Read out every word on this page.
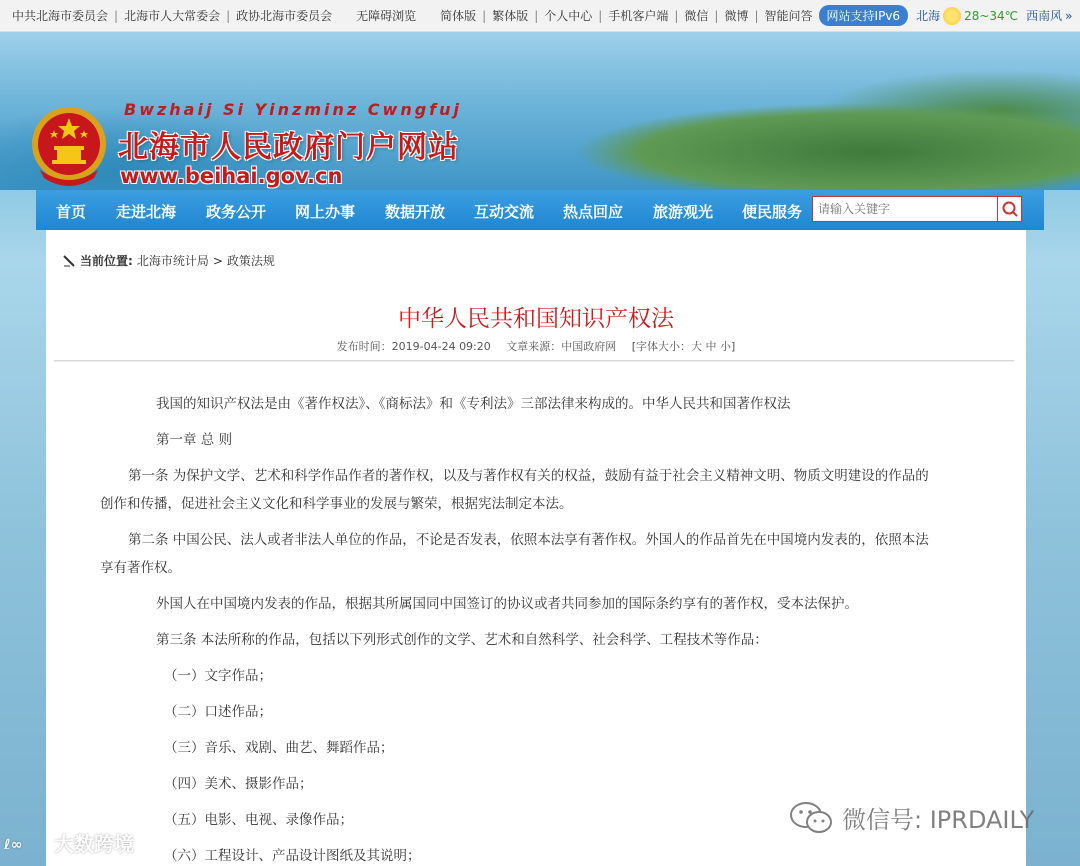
中共北海市委员会 | 北海市人大常委会 | 政协北海市委员会 无障碍浏览 简体版 | 繁体版 | 个人中心 | 手机客户端 | 微信 | 微博 | 智能问答	网站支持IPv6	北海 28~34℃ 西南风 »
Bwzhaij Si Yinzminz Cwngfuj
北海市人民政府门户网站
www.beihai.gov.cn
首页 走进北海 政务公开 网上办事 数据开放 互动交流 热点回应 旅游观光 便民服务
请输入关键字
当前位置: 北海市统计局 > 政策法规
中华人民共和国知识产权法
发布时间：2019-04-24 09:20 文章来源：中国政府网 [字体大小：大 中 小]

我国的知识产权法是由《著作权法》、《商标法》和《专利法》三部法律来构成的。中华人民共和国著作权法

第一章 总 则

第一条 为保护文学、艺术和科学作品作者的著作权，以及与著作权有关的权益，鼓励有益于社会主义精神文明、物质文明建设的作品的创作和传播，促进社会主义文化和科学事业的发展与繁荣，根据宪法制定本法。

第二条 中国公民、法人或者非法人单位的作品，不论是否发表，依照本法享有著作权。外国人的作品首先在中国境内发表的，依照本法享有著作权。

外国人在中国境内发表的作品，根据其所属国同中国签订的协议或者共同参加的国际条约享有的著作权，受本法保护。

第三条 本法所称的作品，包括以下列形式创作的文学、艺术和自然科学、社会科学、工程技术等作品：

（一）文字作品；

（二）口述作品；

（三）音乐、戏剧、曲艺、舞蹈作品；

（四）美术、摄影作品；

（五）电影、电视、录像作品；

（六）工程设计、产品设计图纸及其说明；

微信号: IPRDAILY
ℓ∞ 大数跨境
